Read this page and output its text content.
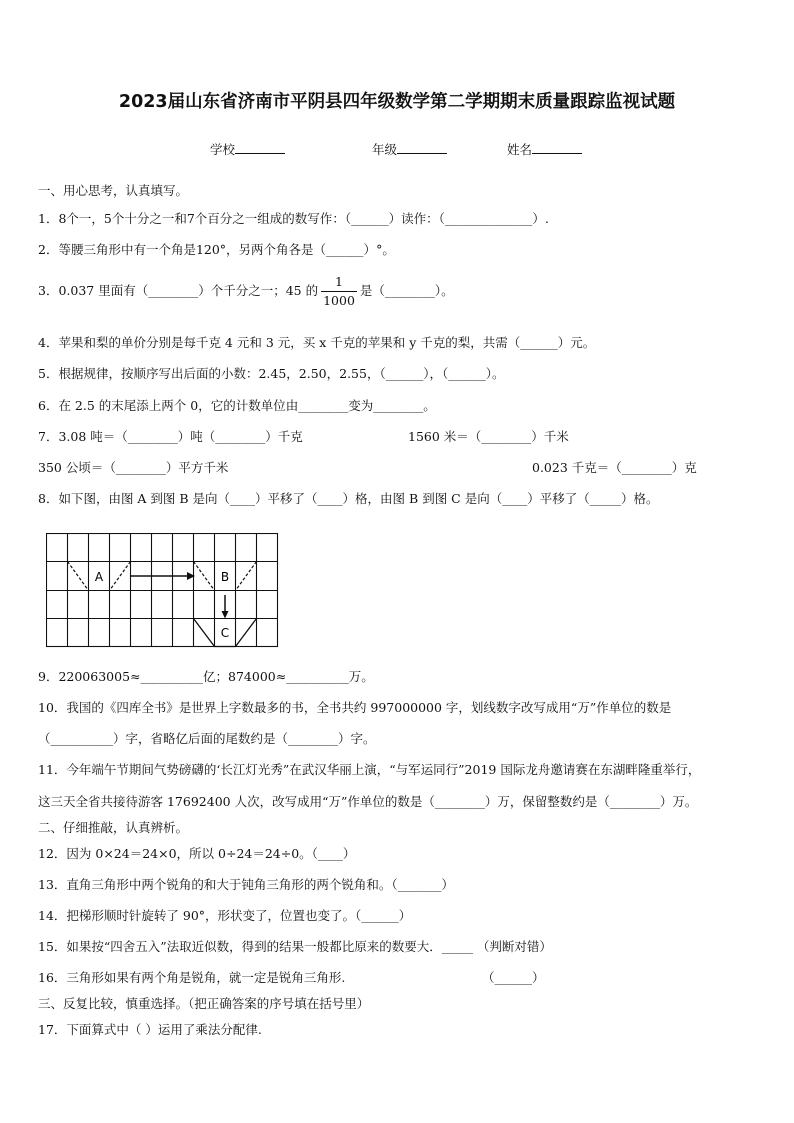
2023届山东省济南市平阴县四年级数学第二学期期末质量跟踪监视试题
学校	年级	姓名
一、用心思考，认真填写。
1．8个一，5个十分之一和7个百分之一组成的数写作：（______）读作：（______________）.
2．等腰三角形中有一个角是120°，另两个角各是（______）°。
3．0.037 里面有（________）个千分之一；45 的 $\frac{1}{1000}$ 是（________）。
4．苹果和梨的单价分别是每千克 4 元和 3 元，买 x 千克的苹果和 y 千克的梨，共需（______）元。
5．根据规律，按顺序写出后面的小数：2.45，2.50，2.55，（______），（______）。
6．在 2.5 的末尾添上两个 0，它的计数单位由________变为________。
7．3.08 吨＝（________）吨（________）千克	1560 米＝（________）千米
350 公顷＝（________）平方千米	0.023 千克＝（________）克
8．如下图，由图 A 到图 B 是向（____）平移了（____）格，由图 B 到图 C 是向（____）平移了（_____）格。
A	B
C
9．220063005≈__________亿；874000≈__________万。
10．我国的《四库全书》是世界上字数最多的书，全书共约 997000000 字，划线数字改写成用“万”作单位的数是
（__________）字，省略亿后面的尾数约是（________）字。
11．今年端午节期间气势磅礴的‘长江灯光秀”在武汉华丽上演，“与军运同行”2019 国际龙舟邀请赛在东湖畔隆重举行，
这三天全省共接待游客 17692400 人次，改写成用“万”作单位的数是（________）万，保留整数约是（________）万。
二、仔细推敲，认真辨析。
12．因为 0×24＝24×0，所以 0÷24＝24÷0。（____）
13．直角三角形中两个锐角的和大于钝角三角形的两个锐角和。（_______）
14．把梯形顺时针旋转了 90°，形状变了，位置也变了。（______）
15．如果按“四舍五入”法取近似数，得到的结果一般都比原来的数要大．_____ （判断对错）
16．三角形如果有两个角是锐角，就一定是锐角三角形.	（______）
三、反复比较，慎重选择。（把正确答案的序号填在括号里）
17．下面算式中（ ）运用了乘法分配律.
